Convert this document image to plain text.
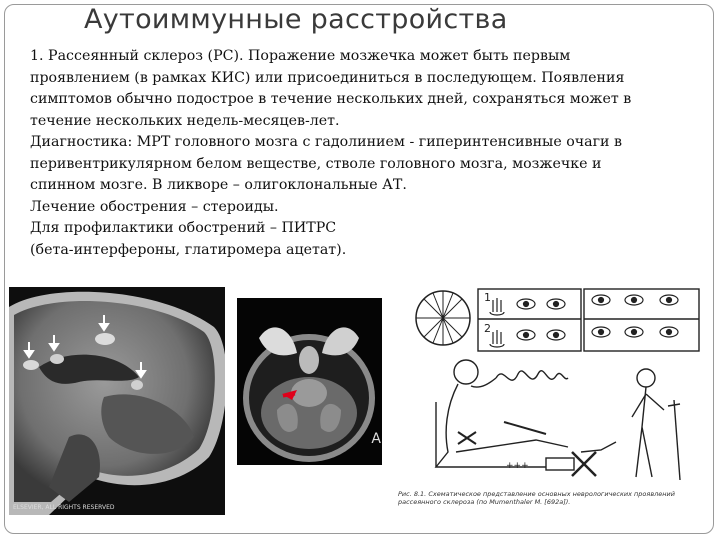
Аутоиммунные расстройства

1. Рассеянный склероз (РС). Поражение мозжечка может быть первым

проявлением (в рамках КИС) или присоединиться в последующем. Появления

симптомов обычно подострое в течение нескольких дней, сохраняться может в

течение нескольких недель-месяцев-лет.

Диагностика: МРТ головного мозга с гадолинием - гиперинтенсивные очаги в

перивентрикулярном белом веществе, стволе головного мозга, мозжечке и

спинном мозге. В ликворе – олигоклональные АТ.

Лечение обострения – стероиды.

Для профилактики обострений – ПИТРС

(бета-интерфероны, глатиромера ацетат).

ELSEVIER, ALL RIGHTS RESERVED
A
1
2
+++
Рис. 8.1. Схематическое представление основных неврологических проявлений рассеянного склероза (по Mumenthaler M. [692a]).
